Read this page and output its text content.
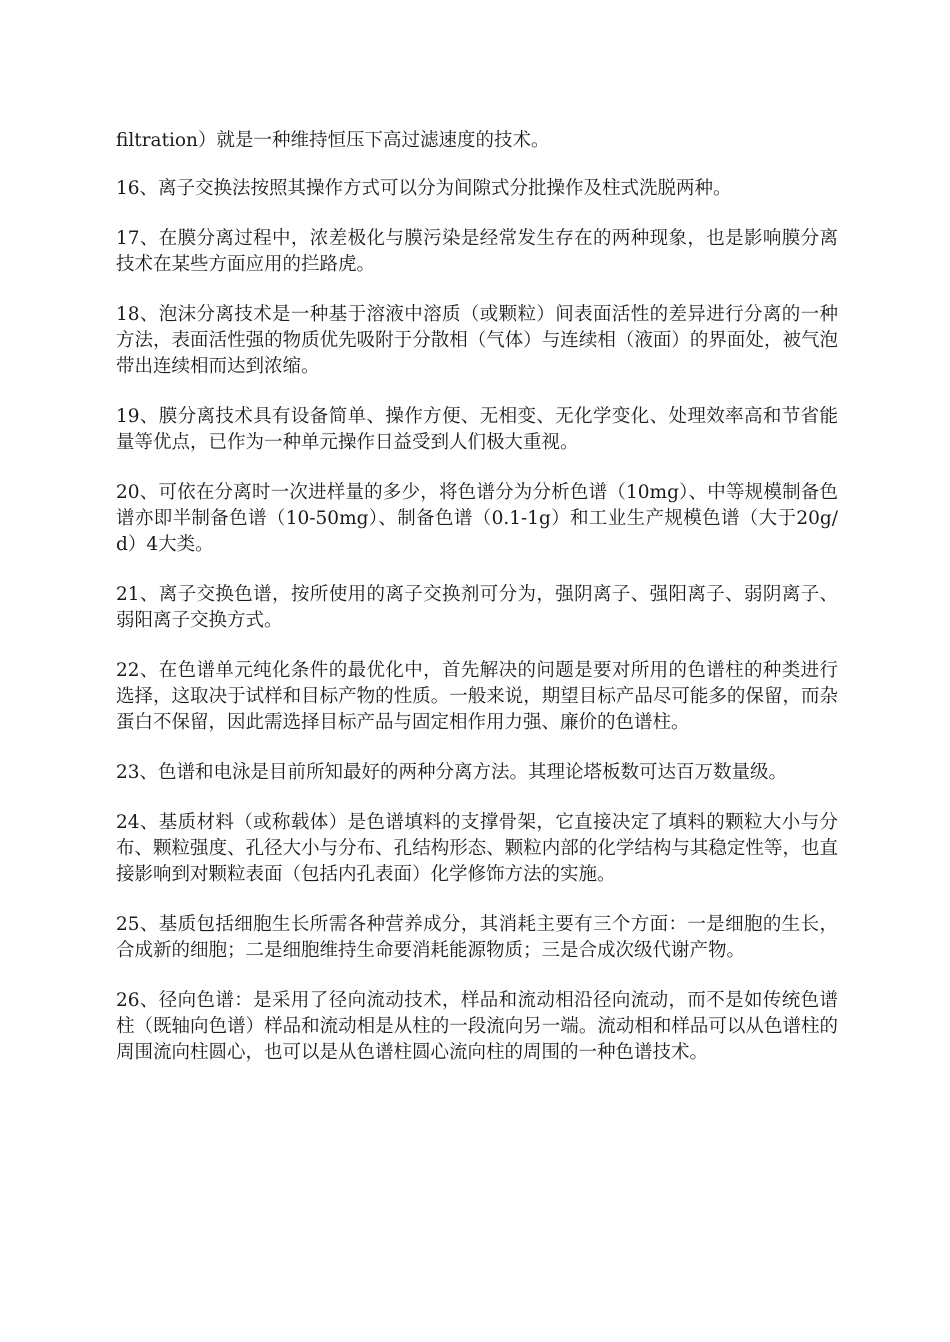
filtration）就是一种维持恒压下高过滤速度的技术。

16、离子交换法按照其操作方式可以分为间隙式分批操作及柱式洗脱两种。

17、在膜分离过程中，浓差极化与膜污染是经常发生存在的两种现象，也是影响膜分离技术在某些方面应用的拦路虎。

18、泡沫分离技术是一种基于溶液中溶质（或颗粒）间表面活性的差异进行分离的一种方法，表面活性强的物质优先吸附于分散相（气体）与连续相（液面）的界面处，被气泡带出连续相而达到浓缩。

19、膜分离技术具有设备简单、操作方便、无相变、无化学变化、处理效率高和节省能量等优点，已作为一种单元操作日益受到人们极大重视。

20、可依在分离时一次进样量的多少，将色谱分为分析色谱（10mg）、中等规模制备色谱亦即半制备色谱（10-50mg）、制备色谱（0.1-1g）和工业生产规模色谱（大于20g/d）4大类。

21、离子交换色谱，按所使用的离子交换剂可分为，强阴离子、强阳离子、弱阴离子、弱阳离子交换方式。

22、在色谱单元纯化条件的最优化中，首先解决的问题是要对所用的色谱柱的种类进行选择，这取决于试样和目标产物的性质。一般来说，期望目标产品尽可能多的保留，而杂蛋白不保留，因此需选择目标产品与固定相作用力强、廉价的色谱柱。

23、色谱和电泳是目前所知最好的两种分离方法。其理论塔板数可达百万数量级。

24、基质材料（或称载体）是色谱填料的支撑骨架，它直接决定了填料的颗粒大小与分布、颗粒强度、孔径大小与分布、孔结构形态、颗粒内部的化学结构与其稳定性等，也直接影响到对颗粒表面（包括内孔表面）化学修饰方法的实施。

25、基质包括细胞生长所需各种营养成分，其消耗主要有三个方面：一是细胞的生长，合成新的细胞；二是细胞维持生命要消耗能源物质；三是合成次级代谢产物。

26、径向色谱：是采用了径向流动技术，样品和流动相沿径向流动，而不是如传统色谱柱（既轴向色谱）样品和流动相是从柱的一段流向另一端。流动相和样品可以从色谱柱的周围流向柱圆心，也可以是从色谱柱圆心流向柱的周围的一种色谱技术。
